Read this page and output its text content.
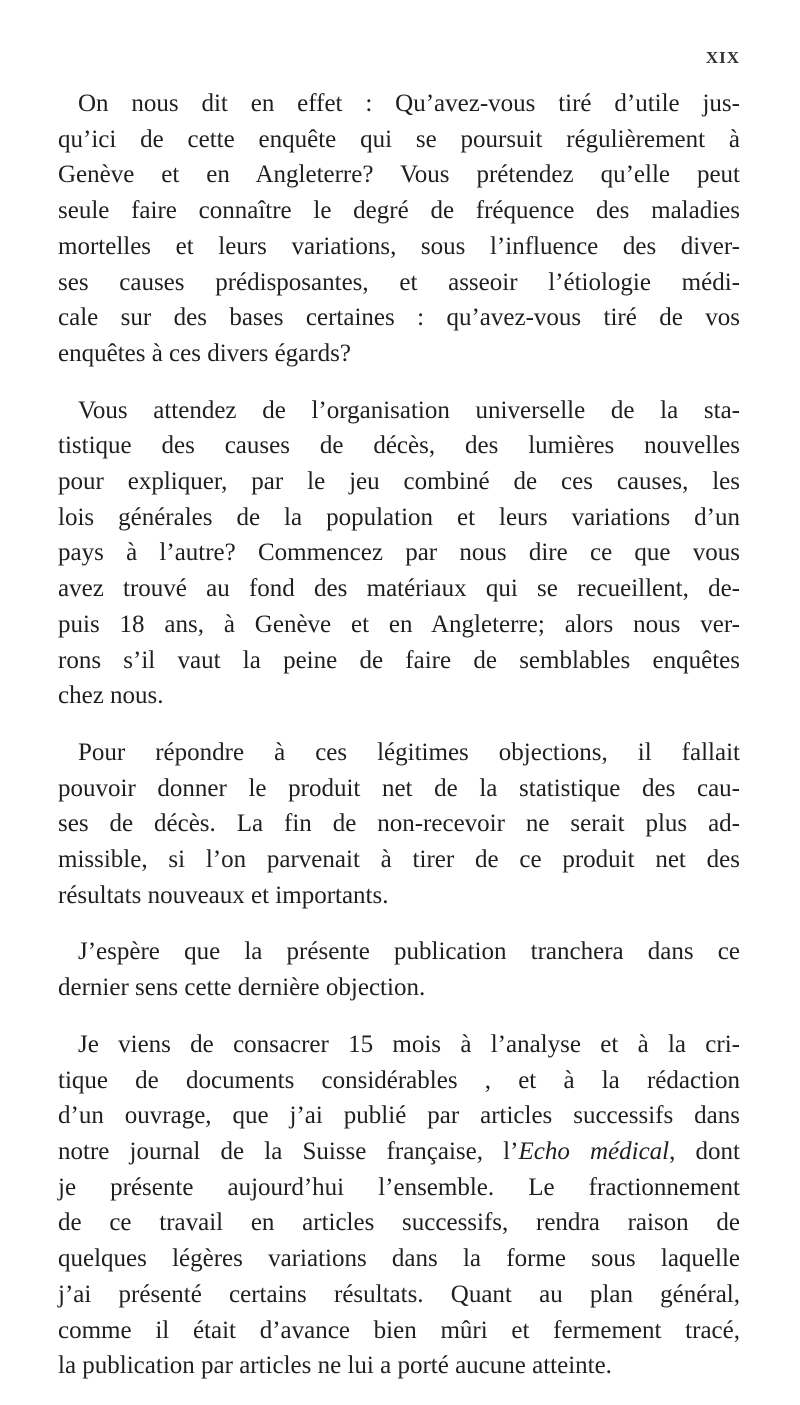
XIX

On nous dit en effet : Qu’avez-vous tiré d’utile jus-
qu’ici de cette enquête qui se poursuit régulièrement à
Genève et en Angleterre? Vous prétendez qu’elle peut
seule faire connaître le degré de fréquence des maladies
mortelles et leurs variations, sous l’influence des diver-
ses causes prédisposantes, et asseoir l’étiologie médi-
cale sur des bases certaines : qu’avez-vous tiré de vos
enquêtes à ces divers égards?

Vous attendez de l’organisation universelle de la sta-
tistique des causes de décès, des lumières nouvelles
pour expliquer, par le jeu combiné de ces causes, les
lois générales de la population et leurs variations d’un
pays à l’autre? Commencez par nous dire ce que vous
avez trouvé au fond des matériaux qui se recueillent, de-
puis 18 ans, à Genève et en Angleterre; alors nous ver-
rons s’il vaut la peine de faire de semblables enquêtes
chez nous.

Pour répondre à ces légitimes objections, il fallait
pouvoir donner le produit net de la statistique des cau-
ses de décès. La fin de non-recevoir ne serait plus ad-
missible, si l’on parvenait à tirer de ce produit net des
résultats nouveaux et importants.

J’espère que la présente publication tranchera dans ce
dernier sens cette dernière objection.

Je viens de consacrer 15 mois à l’analyse et à la cri-
tique de documents considérables , et à la rédaction
d’un ouvrage, que j’ai publié par articles successifs dans
notre journal de la Suisse française, l’Echo médical, dont
je présente aujourd’hui l’ensemble. Le fractionnement
de ce travail en articles successifs, rendra raison de
quelques légères variations dans la forme sous laquelle
j’ai présenté certains résultats. Quant au plan général,
comme il était d’avance bien mûri et fermement tracé,
la publication par articles ne lui a porté aucune atteinte.
